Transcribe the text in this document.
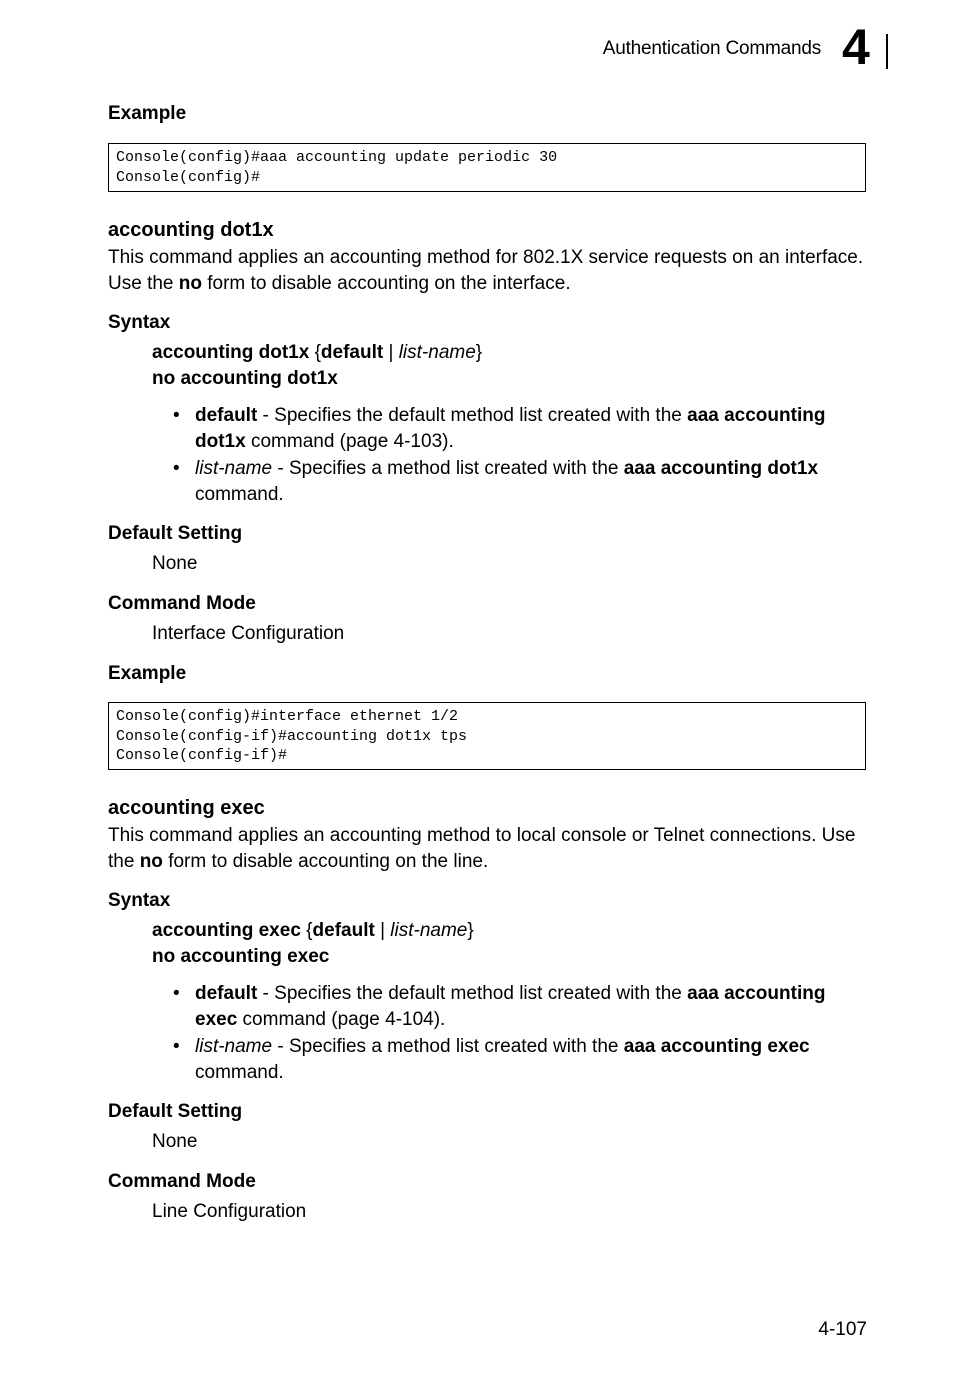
Authentication Commands 4
Example
Console(config)#aaa accounting update periodic 30
Console(config)#
accounting dot1x
This command applies an accounting method for 802.1X service requests on an interface. Use the no form to disable accounting on the interface.
Syntax
accounting dot1x {default | list-name}
no accounting dot1x
• default - Specifies the default method list created with the aaa accounting dot1x command (page 4-103).
• list-name - Specifies a method list created with the aaa accounting dot1x command.
Default Setting
None
Command Mode
Interface Configuration
Example
Console(config)#interface ethernet 1/2
Console(config-if)#accounting dot1x tps
Console(config-if)#
accounting exec
This command applies an accounting method to local console or Telnet connections. Use the no form to disable accounting on the line.
Syntax
accounting exec {default | list-name}
no accounting exec
• default - Specifies the default method list created with the aaa accounting exec command (page 4-104).
• list-name - Specifies a method list created with the aaa accounting exec command.
Default Setting
None
Command Mode
Line Configuration
4-107
